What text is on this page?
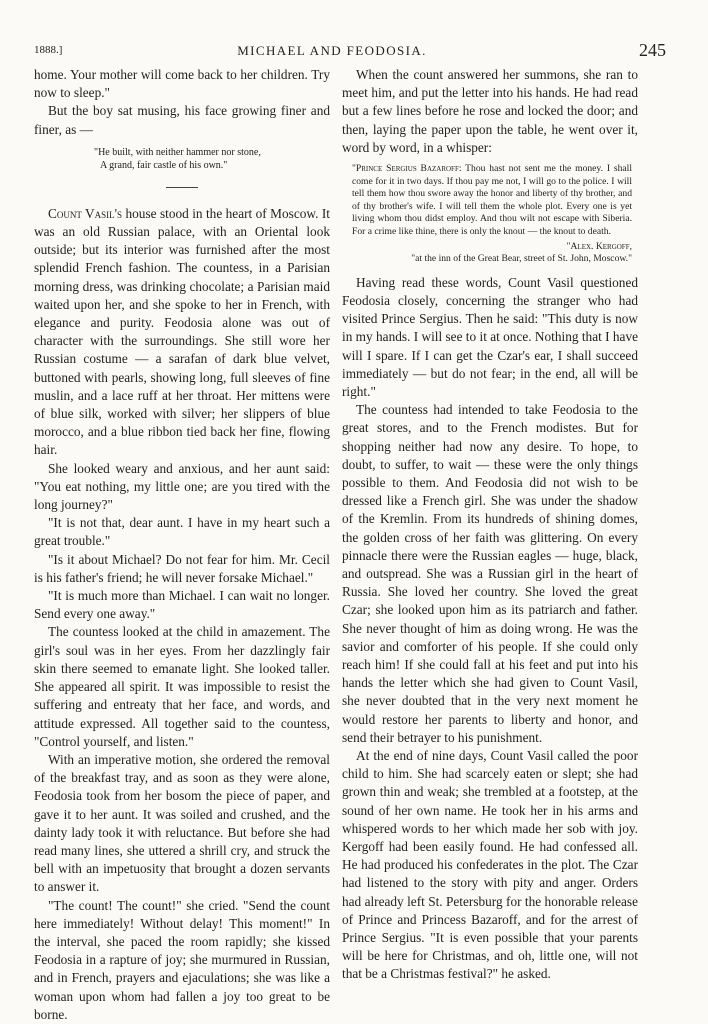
1888.]	MICHAEL AND FEODOSIA.	245

home. Your mother will come back to her children. Try now to sleep."

But the boy sat musing, his face growing finer and finer, as —

"He built, with neither hammer nor stone,
A grand, fair castle of his own."

Count Vasil's house stood in the heart of Moscow. It was an old Russian palace, with an Oriental look outside; but its interior was furnished after the most splendid French fashion. The countess, in a Parisian morning dress, was drinking chocolate; a Parisian maid waited upon her, and she spoke to her in French, with elegance and purity. Feodosia alone was out of character with the surroundings. She still wore her Russian costume — a sarafan of dark blue velvet, buttoned with pearls, showing long, full sleeves of fine muslin, and a lace ruff at her throat. Her mittens were of blue silk, worked with silver; her slippers of blue morocco, and a blue ribbon tied back her fine, flowing hair.

She looked weary and anxious, and her aunt said: "You eat nothing, my little one; are you tired with the long journey?"

"It is not that, dear aunt. I have in my heart such a great trouble."

"Is it about Michael? Do not fear for him. Mr. Cecil is his father's friend; he will never forsake Michael."

"It is much more than Michael. I can wait no longer. Send every one away."

The countess looked at the child in amazement. The girl's soul was in her eyes. From her dazzlingly fair skin there seemed to emanate light. She looked taller. She appeared all spirit. It was impossible to resist the suffering and entreaty that her face, and words, and attitude expressed. All together said to the countess, "Control yourself, and listen."

With an imperative motion, she ordered the removal of the breakfast tray, and as soon as they were alone, Feodosia took from her bosom the piece of paper, and gave it to her aunt. It was soiled and crushed, and the dainty lady took it with reluctance. But before she had read many lines, she uttered a shrill cry, and struck the bell with an impetuosity that brought a dozen servants to answer it.

"The count! The count!" she cried. "Send the count here immediately! Without delay! This moment!" In the interval, she paced the room rapidly; she kissed Feodosia in a rapture of joy; she murmured in Russian, and in French, prayers and ejaculations; she was like a woman upon whom had fallen a joy too great to be borne.

When the count answered her summons, she ran to meet him, and put the letter into his hands. He had read but a few lines before he rose and locked the door; and then, laying the paper upon the table, he went over it, word by word, in a whisper:

"Prince Sergius Bazaroff: Thou hast not sent me the money. I shall come for it in two days. If thou pay me not, I will go to the police. I will tell them how thou swore away the honor and liberty of thy brother, and of thy brother's wife. I will tell them the whole plot. Every one is yet living whom thou didst employ. And thou wilt not escape with Siberia. For a crime like thine, there is only the knout — the knout to death.
"Alex. Kergoff,
"at the inn of the Great Bear, street of St. John, Moscow."

Having read these words, Count Vasil questioned Feodosia closely, concerning the stranger who had visited Prince Sergius. Then he said: "This duty is now in my hands. I will see to it at once. Nothing that I have will I spare. If I can get the Czar's ear, I shall succeed immediately — but do not fear; in the end, all will be right."

The countess had intended to take Feodosia to the great stores, and to the French modistes. But for shopping neither had now any desire. To hope, to doubt, to suffer, to wait — these were the only things possible to them. And Feodosia did not wish to be dressed like a French girl. She was under the shadow of the Kremlin. From its hundreds of shining domes, the golden cross of her faith was glittering. On every pinnacle there were the Russian eagles — huge, black, and outspread. She was a Russian girl in the heart of Russia. She loved her country. She loved the great Czar; she looked upon him as its patriarch and father. She never thought of him as doing wrong. He was the savior and comforter of his people. If she could only reach him! If she could fall at his feet and put into his hands the letter which she had given to Count Vasil, she never doubted that in the very next moment he would restore her parents to liberty and honor, and send their betrayer to his punishment.

At the end of nine days, Count Vasil called the poor child to him. She had scarcely eaten or slept; she had grown thin and weak; she trembled at a footstep, at the sound of her own name. He took her in his arms and whispered words to her which made her sob with joy. Kergoff had been easily found. He had confessed all. He had produced his confederates in the plot. The Czar had listened to the story with pity and anger. Orders had already left St. Petersburg for the honorable release of Prince and Princess Bazaroff, and for the arrest of Prince Sergius. "It is even possible that your parents will be here for Christmas, and oh, little one, will not that be a Christmas festival?" he asked.
